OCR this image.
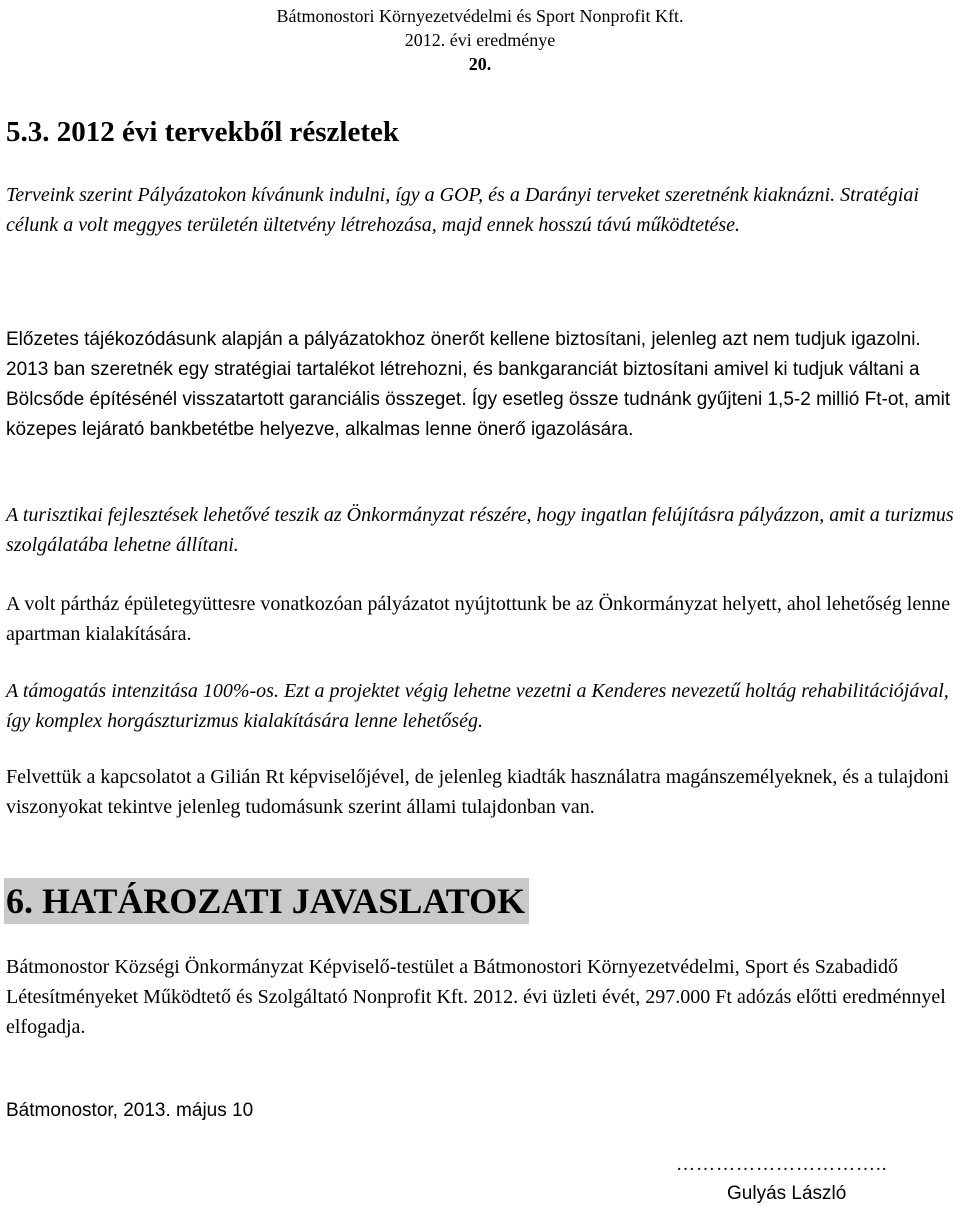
Bátmonostori Környezetvédelmi és Sport Nonprofit Kft.
2012. évi eredménye
20.
5.3. 2012 évi tervekből részletek

Terveink szerint Pályázatokon kívánunk indulni, így a GOP, és a Darányi terveket szeretnénk kiaknázni. Stratégiai célunk a volt meggyes területén ültetvény létrehozása, majd ennek hosszú távú működtetése.

Előzetes tájékozódásunk alapján a pályázatokhoz önerőt kellene biztosítani, jelenleg azt nem tudjuk igazolni. 2013 ban szeretnék egy stratégiai tartalékot létrehozni, és bankgaranciát biztosítani amivel ki tudjuk váltani a Bölcsőde építésénél visszatartott garanciális összeget. Így esetleg össze tudnánk gyűjteni 1,5-2 millió Ft-ot, amit közepes lejárató bankbetétbe helyezve, alkalmas lenne önerő igazolására.

A turisztikai fejlesztések lehetővé teszik az Önkormányzat részére, hogy ingatlan felújításra pályázzon, amit a turizmus szolgálatába lehetne állítani.

A volt pártház épületegyüttesre vonatkozóan pályázatot nyújtottunk be az Önkormányzat helyett, ahol lehetőség lenne apartman kialakítására.

A támogatás intenzitása 100%-os. Ezt a projektet végig lehetne vezetni a Kenderes nevezetű holtág rehabilitációjával, így komplex horgászturizmus kialakítására lenne lehetőség.

Felvettük a kapcsolatot a Gilián Rt képviselőjével, de jelenleg kiadták használatra magánszemélyeknek, és a tulajdoni viszonyokat tekintve jelenleg tudomásunk szerint állami tulajdonban van.

6. HATÁROZATI JAVASLATOK

Bátmonostor Községi Önkormányzat Képviselő-testület a Bátmonostori Környezetvédelmi, Sport és Szabadidő Létesítményeket Működtető és Szolgáltató Nonprofit Kft. 2012. évi üzleti évét, 297.000 Ft adózás előtti eredménnyel elfogadja.

Bátmonostor, 2013. május 10
…………………………..
Gulyás László
